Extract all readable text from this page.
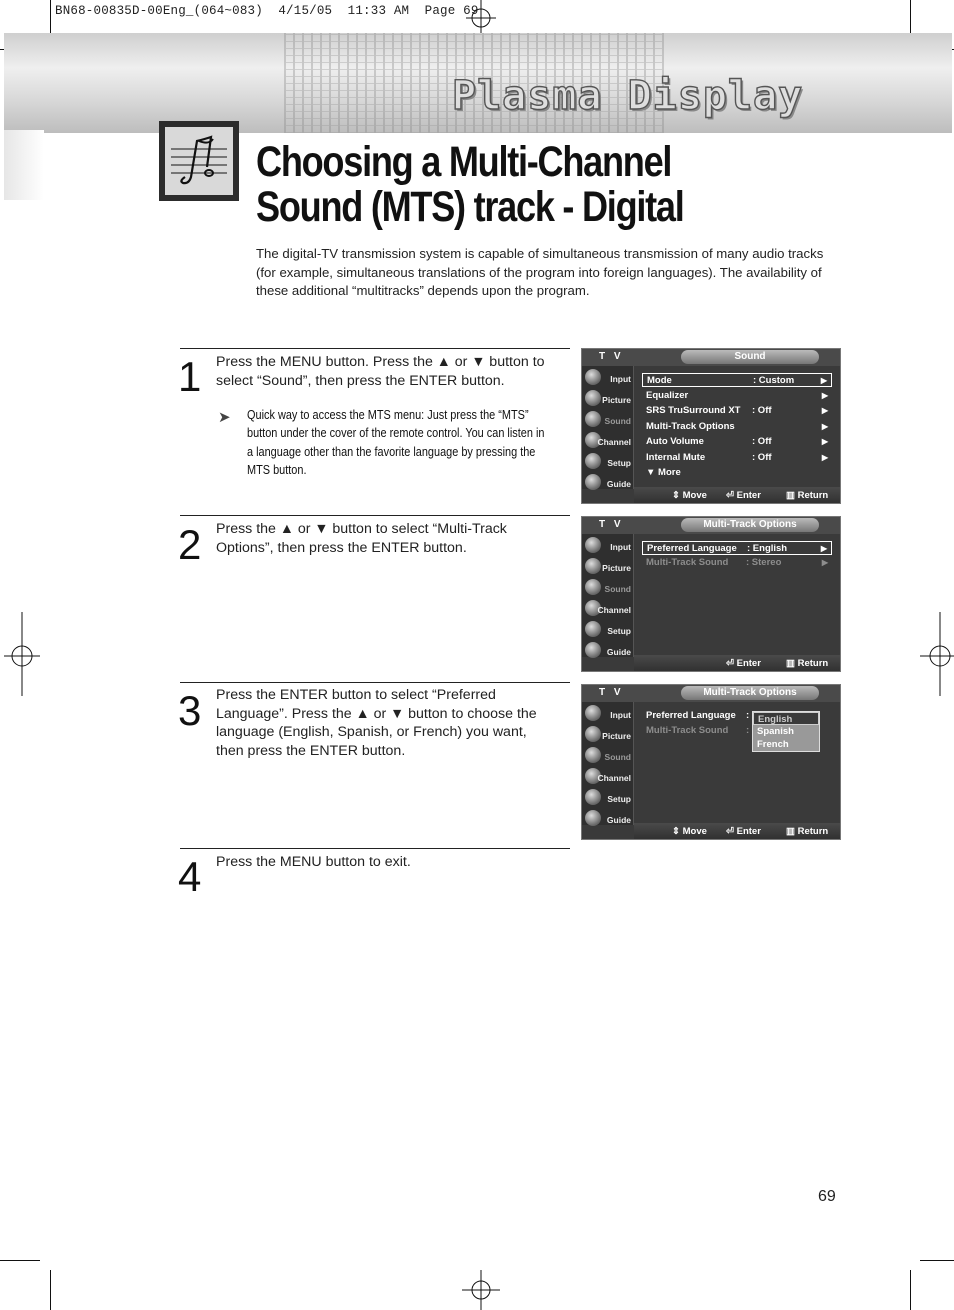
BN68-00835D-00Eng_(064~083)  4/15/05  11:33 AM  Page 69
Plasma Display
Choosing a Multi-Channel
Sound (MTS) track - Digital
The digital-TV transmission system is capable of simultaneous transmission of many audio tracks (for example, simultaneous translations of the program into foreign languages). The availability of these additional “multitracks” depends upon the program.
1 Press the MENU button. Press the ▲ or ▼ button to select “Sound”, then press the ENTER button.
➤ Quick way to access the MTS menu: Just press the “MTS” button under the cover of the remote control. You can listen in a language other than the favorite language by pressing the MTS button.
2 Press the ▲ or ▼ button to select “Multi-Track Options”, then press the ENTER button.
3 Press the ENTER button to select “Preferred Language”. Press the ▲ or ▼ button to choose the language (English, Spanish, or French) you want, then press the ENTER button.
4 Press the MENU button to exit.
T V	Sound
Input
Picture
Sound
Channel
Setup
Guide
Mode	: Custom	▶
Equalizer	▶
SRS TruSurround XT : Off	▶
Multi-Track Options	▶
Auto Volume	: Off	▶
Internal Mute	: Off	▶
▼ More
⇕ Move ⏎ Enter	▥ Return
T V	Multi-Track Options
Input
Picture
Sound
Channel
Setup
Guide
Preferred Language : English	▶
Multi-Track Sound : Stereo	▶
⏎ Enter	▥ Return
T V	Multi-Track Options
Input
Picture
Sound
Channel
Setup
Guide
Preferred Language :
Multi-Track Sound :
English
Spanish
French
⇕ Move ⏎ Enter	▥ Return
69
